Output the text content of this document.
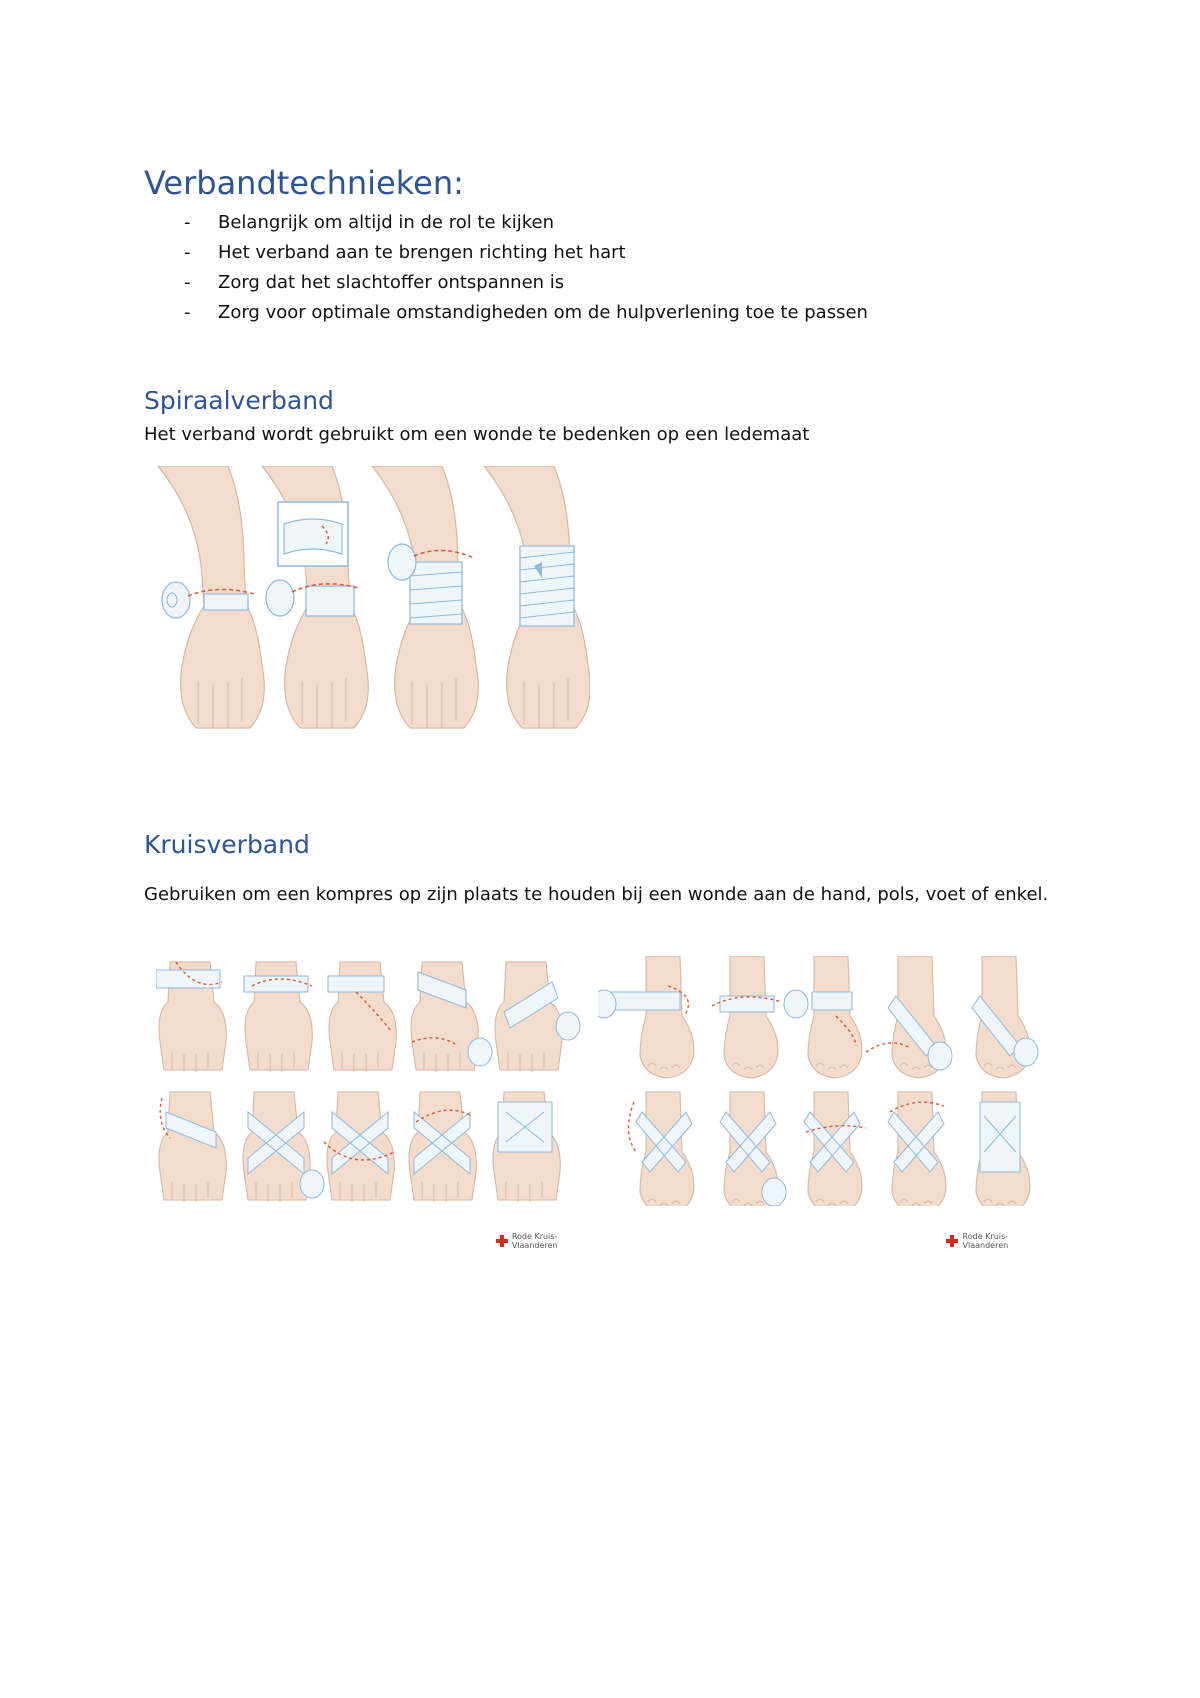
Verbandtechnieken:
- Belangrijk om altijd in de rol te kijken
- Het verband aan te brengen richting het hart
- Zorg dat het slachtoffer ontspannen is
- Zorg voor optimale omstandigheden om de hulpverlening toe te passen
Spiraalverband

Het verband wordt gebruikt om een wonde te bedenken op een ledemaat

Kruisverband

Gebruiken om een kompres op zijn plaats te houden bij een wonde aan de hand, pols, voet of enkel.

Rode Kruis-Vlaanderen
Rode Kruis-Vlaanderen
